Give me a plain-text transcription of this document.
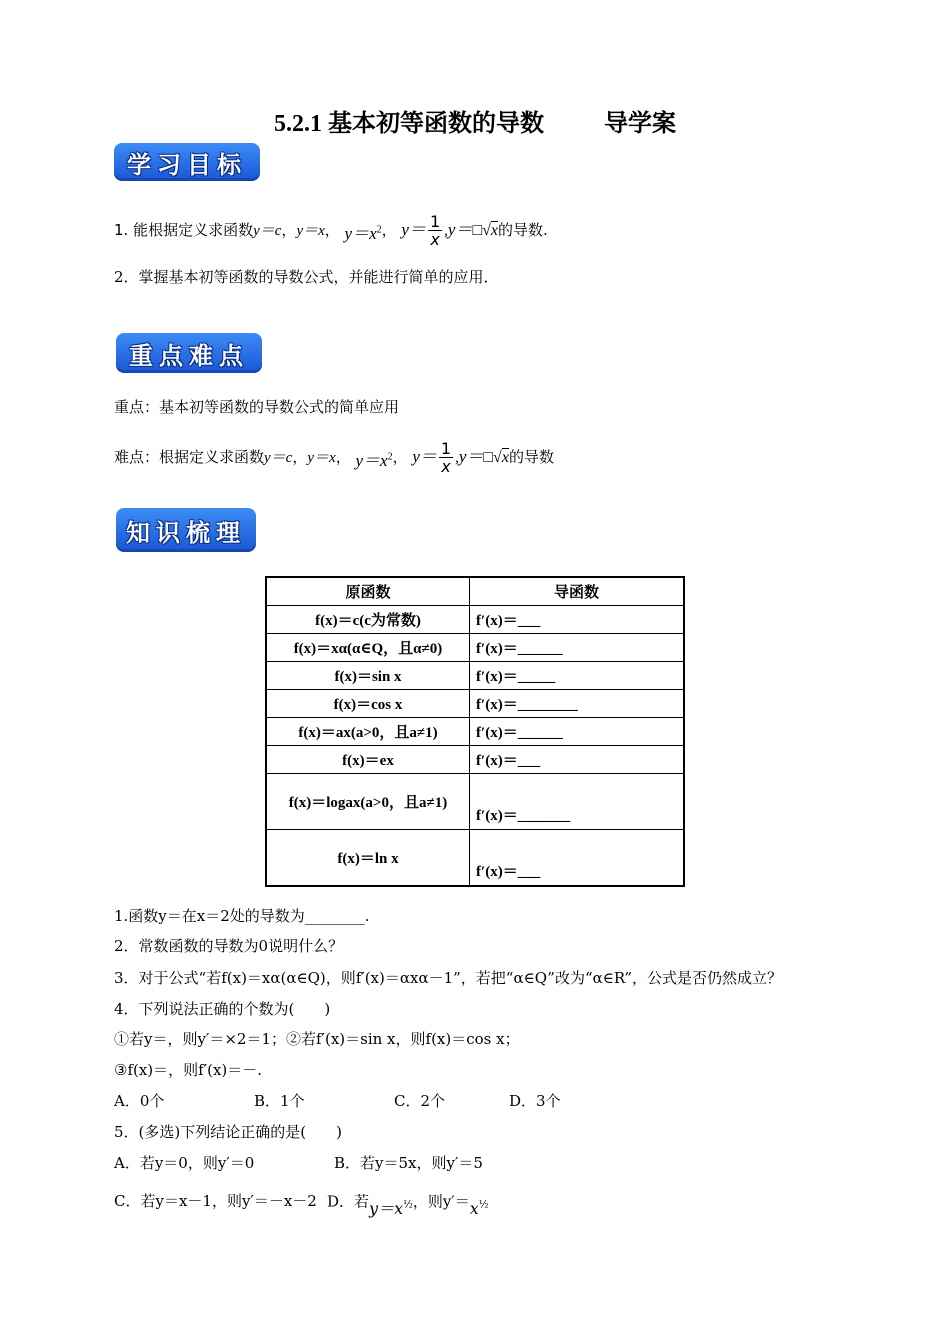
5.2.1 基本初等函数的导数	导学案
学习目标
1. 能根据定义求函数y＝c，y＝x， $y=x^2$， $y= \frac{1}{x}$ ,y＝□√x的导数.
2．掌握基本初等函数的导数公式，并能进行简单的应用．
重点难点
重点：基本初等函数的导数公式的简单应用
难点：根据定义求函数y＝c，y＝x， $y=x^2$， $y= \frac{1}{x}$ ,y＝□√x的导数
知识梳理
原函数	导函数
f(x)＝c(c为常数)	f′(x)＝___
f(x)＝xα(α∈Q，且α≠0)	f′(x)＝______
f(x)＝sin x	f′(x)＝_____
f(x)＝cos x	f′(x)＝________
f(x)＝ax(a>0，且a≠1)	f′(x)＝______
f(x)＝ex	f′(x)＝___
f(x)＝logax(a>0，且a≠1)	f′(x)＝_______
f(x)＝ln x	f′(x)＝___
1.函数y＝在x＝2处的导数为________.
2．常数函数的导数为0说明什么？
3．对于公式“若f(x)＝xα(α∈Q)，则f′(x)＝αxα－1”，若把“α∈Q”改为“α∈R”，公式是否仍然成立？
4．下列说法正确的个数为(　　)
①若y＝，则y′＝×2＝1；②若f′(x)＝sin x，则f(x)＝cos x；
③f(x)＝，则f′(x)＝－.
A．0个	B．1个	C．2个	D．3个
5．(多选)下列结论正确的是(　　)
A．若y＝0，则y′＝0	B．若y＝5x，则y′＝5
C．若y＝x－1，则y′＝－x－2 D．若$y=x^{\frac{1}{2}}$，则$y'=x^{\frac{1}{2}}$
